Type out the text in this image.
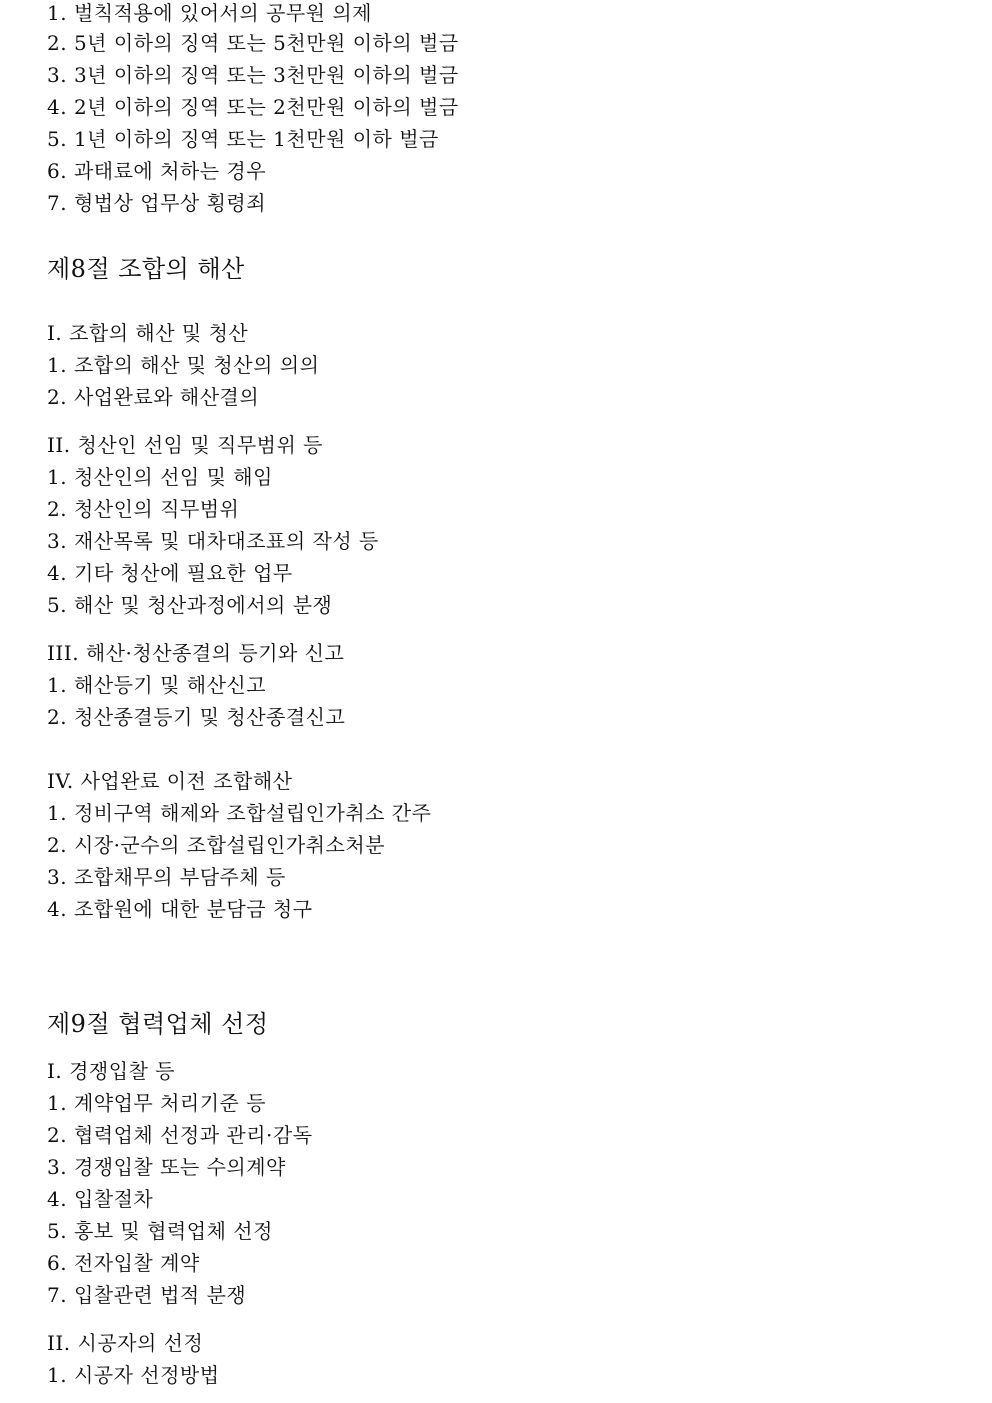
1. 벌칙적용에 있어서의 공무원 의제
2. 5년 이하의 징역 또는 5천만원 이하의 벌금
3. 3년 이하의 징역 또는 3천만원 이하의 벌금
4. 2년 이하의 징역 또는 2천만원 이하의 벌금
5. 1년 이하의 징역 또는 1천만원 이하 벌금
6. 과태료에 처하는 경우
7. 형법상 업무상 횡령죄
제8절 조합의 해산
I. 조합의 해산 및 청산
1. 조합의 해산 및 청산의 의의
2. 사업완료와 해산결의
II. 청산인 선임 및 직무범위 등
1. 청산인의 선임 및 해임
2. 청산인의 직무범위
3. 재산목록 및 대차대조표의 작성 등
4. 기타 청산에 필요한 업무
5. 해산 및 청산과정에서의 분쟁
III. 해산·청산종결의 등기와 신고
1. 해산등기 및 해산신고
2. 청산종결등기 및 청산종결신고
IV. 사업완료 이전 조합해산
1. 정비구역 해제와 조합설립인가취소 간주
2. 시장·군수의 조합설립인가취소처분
3. 조합채무의 부담주체 등
4. 조합원에 대한 분담금 청구
제9절 협력업체 선정
I. 경쟁입찰 등
1. 계약업무 처리기준 등
2. 협력업체 선정과 관리·감독
3. 경쟁입찰 또는 수의계약
4. 입찰절차
5. 홍보 및 협력업체 선정
6. 전자입찰 계약
7. 입찰관련 법적 분쟁
II. 시공자의 선정
1. 시공자 선정방법
